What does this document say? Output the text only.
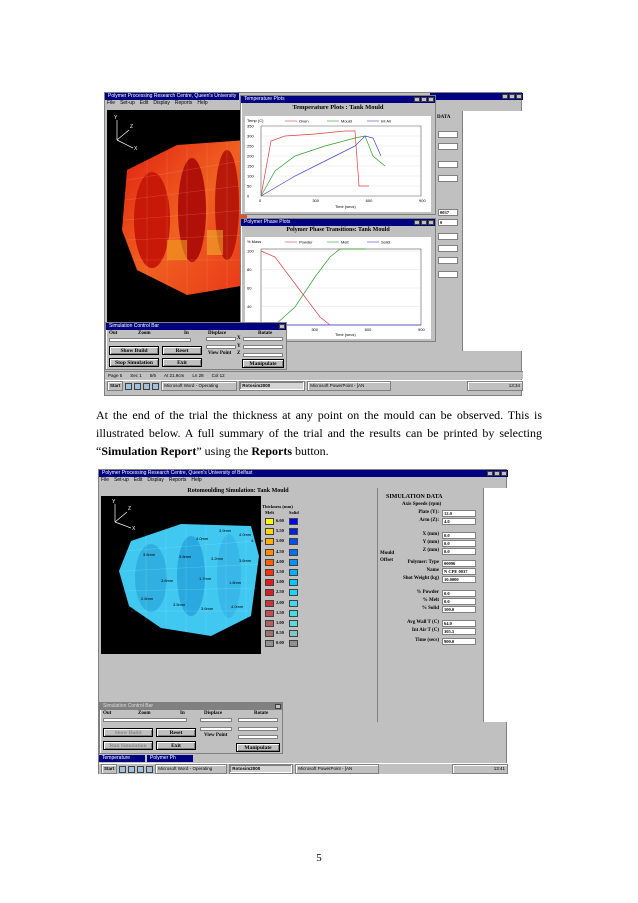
Polymer Processing Research Centre, Queen's University
File Set-up Edit Display Reports Help
Y
X
Z
Temperature Plots
Temperature Plots : Tank Mould
Temp (C)	Oven	Mould	Int Air
350
300
250
200
150
100
50
0
0	300	600	900
Time (secs)
Polymer Phase Plots
Polymer Phase Transitions: Tank Mould
% Mass	Powder	Melt	Solid
100
80
60
40
300	600	900
Time (secs)
DATA
0037
0
Simulation Control Bar
Out	Zoom	In	Displace	Rotate
X
Y
View Point Z
Show Build	Reset
Stop Simulation	Exit	Manipulate
Page 5 Sec 1 5/6 At 21.9cm Ln 28 Col 12
Start	Microsoft Word - Operating	Rotosim2000	Microsoft PowerPoint - [AN	13:34
At the end of the trial the thickness at any point on the mould can be observed. This is illustrated below. A full summary of the trial and the results can be printed by selecting “Simulation Report” using the Reports button.
Polymer Processing Research Centre, Queen's University of Belfast
File Set-up Edit Display Reports Help
Rotomoulding Simulation: Tank Mould
Y
X
Z
4.6mm
3.9mm
4.0mm
4.3mm
4.0mm
3.6mm	3.8mm	3.2mm	3.6mm
3.8mm	1.7mm
1.8mm
2.6mm
3.5mm
3.6mm	4.0mm
4.4mm
Thickness (mm)
Melt	Solid
6.00
5.50
5.00
4.50
4.00
3.50
3.00
2.50
2.00
1.50
1.00
0.50
0.00
SIMULATION DATA
Axis Speeds (rpm)
Mould
Offset
Plate (Y):	12.0
Arm (Z):	4.0
X (mm)	0.0
Y (mm)	0.0
Z (mm)	0.0
Polymer: Type	00096
Name	N CPE 0037
Shot Weight (kg)	10.0000
% Powder	0.0
% Melt	0.0
% Solid	100.0
Avg Wall T (C)	64.0
Int Air T (C)	305.5
Time (secs)	900.0
Simulation Control Bar
Out	Zoom	In	Displace	Rotate
View Point
Show Build	Reset
Run Simulation	Exit	Manipulate
Temperature	Polymer Ph
Start	Microsoft Word - Operating	Rotosim2000	Microsoft PowerPoint - [AN	13:41
5
